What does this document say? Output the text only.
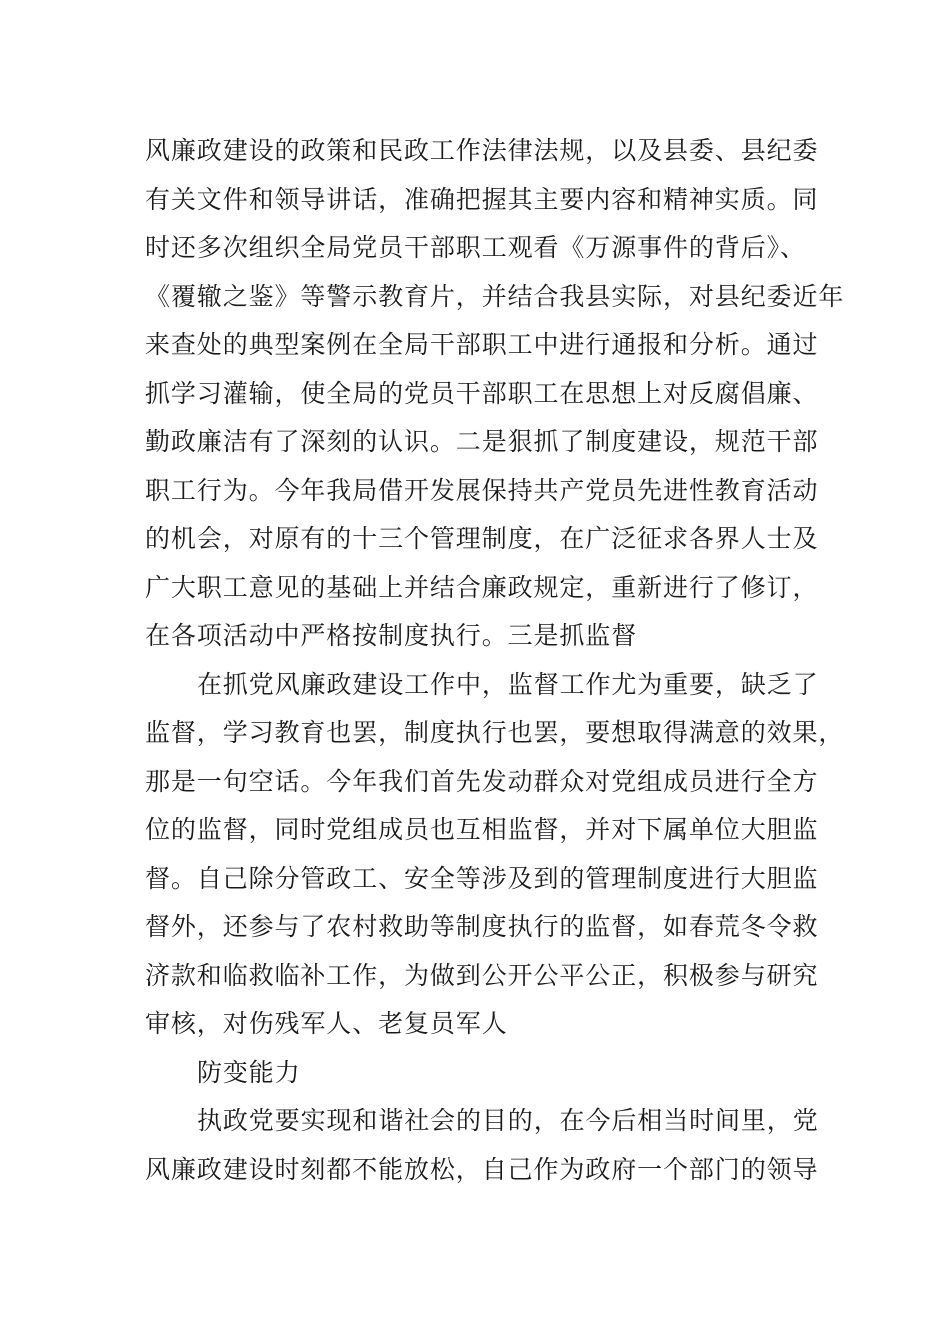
风廉政建设的政策和民政工作法律法规，以及县委、县纪委
有关文件和领导讲话，准确把握其主要内容和精神实质。同
时还多次组织全局党员干部职工观看《万源事件的背后》、
《覆辙之鉴》等警示教育片，并结合我县实际，对县纪委近年
来查处的典型案例在全局干部职工中进行通报和分析。通过
抓学习灌输，使全局的党员干部职工在思想上对反腐倡廉、
勤政廉洁有了深刻的认识。二是狠抓了制度建设，规范干部
职工行为。今年我局借开发展保持共产党员先进性教育活动
的机会，对原有的十三个管理制度，在广泛征求各界人士及
广大职工意见的基础上并结合廉政规定，重新进行了修订，
在各项活动中严格按制度执行。三是抓监督
在抓党风廉政建设工作中，监督工作尤为重要，缺乏了
监督，学习教育也罢，制度执行也罢，要想取得满意的效果，
那是一句空话。今年我们首先发动群众对党组成员进行全方
位的监督，同时党组成员也互相监督，并对下属单位大胆监
督。自己除分管政工、安全等涉及到的管理制度进行大胆监
督外，还参与了农村救助等制度执行的监督，如春荒冬令救
济款和临救临补工作，为做到公开公平公正，积极参与研究
审核，对伤残军人、老复员军人
防变能力
执政党要实现和谐社会的目的，在今后相当时间里，党
风廉政建设时刻都不能放松，自己作为政府一个部门的领导
